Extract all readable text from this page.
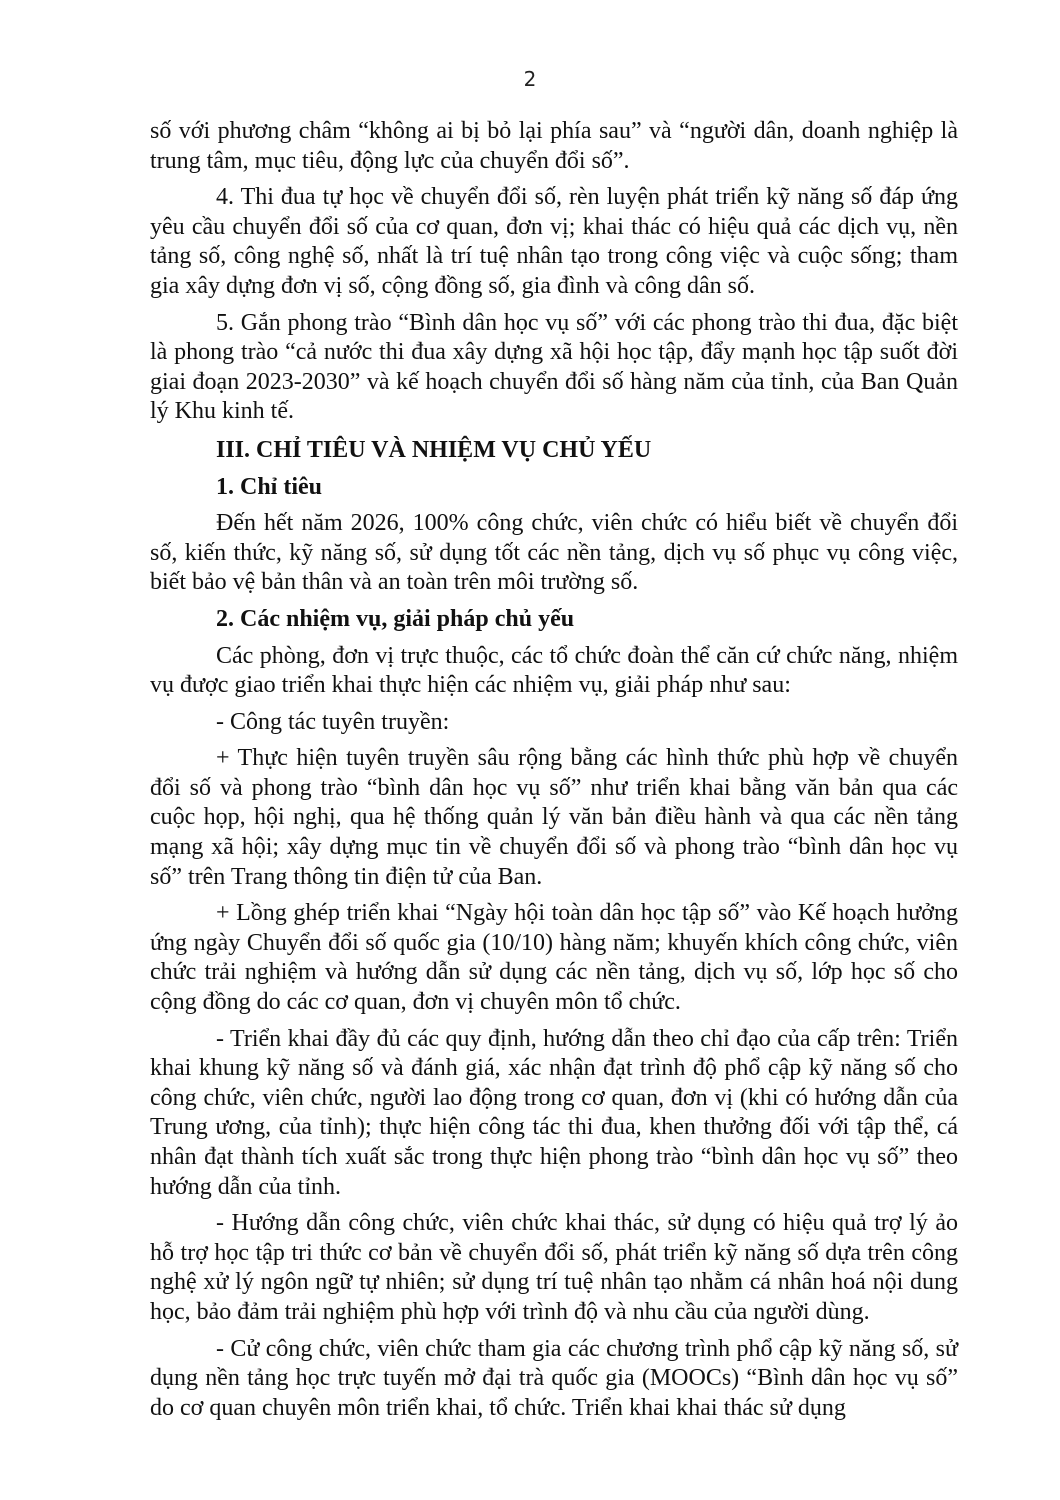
2

số với phương châm “không ai bị bỏ lại phía sau” và “người dân, doanh nghiệp là trung tâm, mục tiêu, động lực của chuyển đổi số”.

4. Thi đua tự học về chuyển đổi số, rèn luyện phát triển kỹ năng số đáp ứng yêu cầu chuyển đổi số của cơ quan, đơn vị; khai thác có hiệu quả các dịch vụ, nền tảng số, công nghệ số, nhất là trí tuệ nhân tạo trong công việc và cuộc sống; tham gia xây dựng đơn vị số, cộng đồng số, gia đình và công dân số.

5. Gắn phong trào “Bình dân học vụ số” với các phong trào thi đua, đặc biệt là phong trào “cả nước thi đua xây dựng xã hội học tập, đẩy mạnh học tập suốt đời giai đoạn 2023-2030” và kế hoạch chuyển đổi số hàng năm của tỉnh, của Ban Quản lý Khu kinh tế.

III. CHỈ TIÊU VÀ NHIỆM VỤ CHỦ YẾU

1. Chỉ tiêu

Đến hết năm 2026, 100% công chức, viên chức có hiểu biết về chuyển đổi số, kiến thức, kỹ năng số, sử dụng tốt các nền tảng, dịch vụ số phục vụ công việc, biết bảo vệ bản thân và an toàn trên môi trường số.

2. Các nhiệm vụ, giải pháp chủ yếu

Các phòng, đơn vị trực thuộc, các tổ chức đoàn thể căn cứ chức năng, nhiệm vụ được giao triển khai thực hiện các nhiệm vụ, giải pháp như sau:

- Công tác tuyên truyền:

+ Thực hiện tuyên truyền sâu rộng bằng các hình thức phù hợp về chuyển đổi số và phong trào “bình dân học vụ số” như triển khai bằng văn bản qua các cuộc họp, hội nghị, qua hệ thống quản lý văn bản điều hành và qua các nền tảng mạng xã hội; xây dựng mục tin về chuyển đổi số và phong trào “bình dân học vụ số” trên Trang thông tin điện tử của Ban.

+ Lồng ghép triển khai “Ngày hội toàn dân học tập số” vào Kế hoạch hưởng ứng ngày Chuyển đổi số quốc gia (10/10) hàng năm; khuyến khích công chức, viên chức trải nghiệm và hướng dẫn sử dụng các nền tảng, dịch vụ số, lớp học số cho cộng đồng do các cơ quan, đơn vị chuyên môn tổ chức.

- Triển khai đầy đủ các quy định, hướng dẫn theo chỉ đạo của cấp trên: Triển khai khung kỹ năng số và đánh giá, xác nhận đạt trình độ phổ cập kỹ năng số cho công chức, viên chức, người lao động trong cơ quan, đơn vị (khi có hướng dẫn của Trung ương, của tỉnh); thực hiện công tác thi đua, khen thưởng đối với tập thể, cá nhân đạt thành tích xuất sắc trong thực hiện phong trào “bình dân học vụ số” theo hướng dẫn của tỉnh.

- Hướng dẫn công chức, viên chức khai thác, sử dụng có hiệu quả trợ lý ảo hỗ trợ học tập tri thức cơ bản về chuyển đổi số, phát triển kỹ năng số dựa trên công nghệ xử lý ngôn ngữ tự nhiên; sử dụng trí tuệ nhân tạo nhằm cá nhân hoá nội dung học, bảo đảm trải nghiệm phù hợp với trình độ và nhu cầu của người dùng.

- Cử công chức, viên chức tham gia các chương trình phổ cập kỹ năng số, sử dụng nền tảng học trực tuyến mở đại trà quốc gia (MOOCs) “Bình dân học vụ số” do cơ quan chuyên môn triển khai, tổ chức. Triển khai khai thác sử dụng
